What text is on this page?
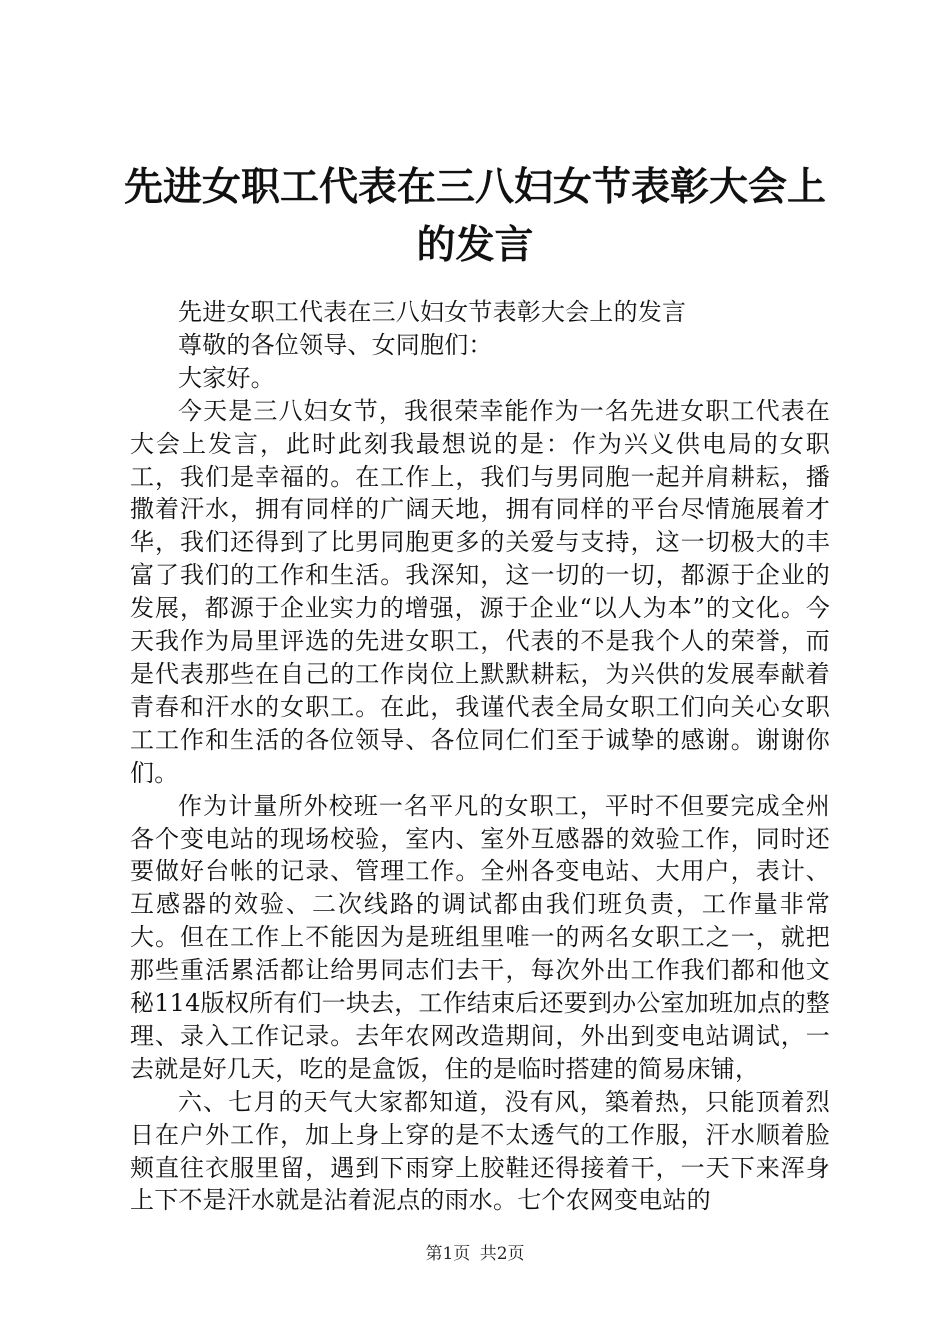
先进女职工代表在三八妇女节表彰大会上的发言

先进女职工代表在三八妇女节表彰大会上的发言

尊敬的各位领导、女同胞们：

大家好。

今天是三八妇女节，我很荣幸能作为一名先进女职工代表在大会上发言，此时此刻我最想说的是：作为兴义供电局的女职工，我们是幸福的。在工作上，我们与男同胞一起并肩耕耘，播撒着汗水，拥有同样的广阔天地，拥有同样的平台尽情施展着才华，我们还得到了比男同胞更多的关爱与支持，这一切极大的丰富了我们的工作和生活。我深知，这一切的一切，都源于企业的发展，都源于企业实力的增强，源于企业“以人为本”的文化。今天我作为局里评选的先进女职工，代表的不是我个人的荣誉，而是代表那些在自己的工作岗位上默默耕耘，为兴供的发展奉献着青春和汗水的女职工。在此，我谨代表全局女职工们向关心女职工工作和生活的各位领导、各位同仁们至于诚挚的感谢。谢谢你们。

作为计量所外校班一名平凡的女职工，平时不但要完成全州各个变电站的现场校验，室内、室外互感器的效验工作，同时还要做好台帐的记录、管理工作。全州各变电站、大用户，表计、互感器的效验、二次线路的调试都由我们班负责，工作量非常大。但在工作上不能因为是班组里唯一的两名女职工之一，就把那些重活累活都让给男同志们去干，每次外出工作我们都和他文秘114版权所有们一块去，工作结束后还要到办公室加班加点的整理、录入工作记录。去年农网改造期间，外出到变电站调试，一去就是好几天，吃的是盒饭，住的是临时搭建的简易床铺，

六、七月的天气大家都知道，没有风，築着热，只能顶着烈日在户外工作，加上身上穿的是不太透气的工作服，汗水顺着脸颊直往衣服里留，遇到下雨穿上胶鞋还得接着干，一天下来浑身上下不是汗水就是沾着泥点的雨水。七个农网变电站的

第1页 共2页
